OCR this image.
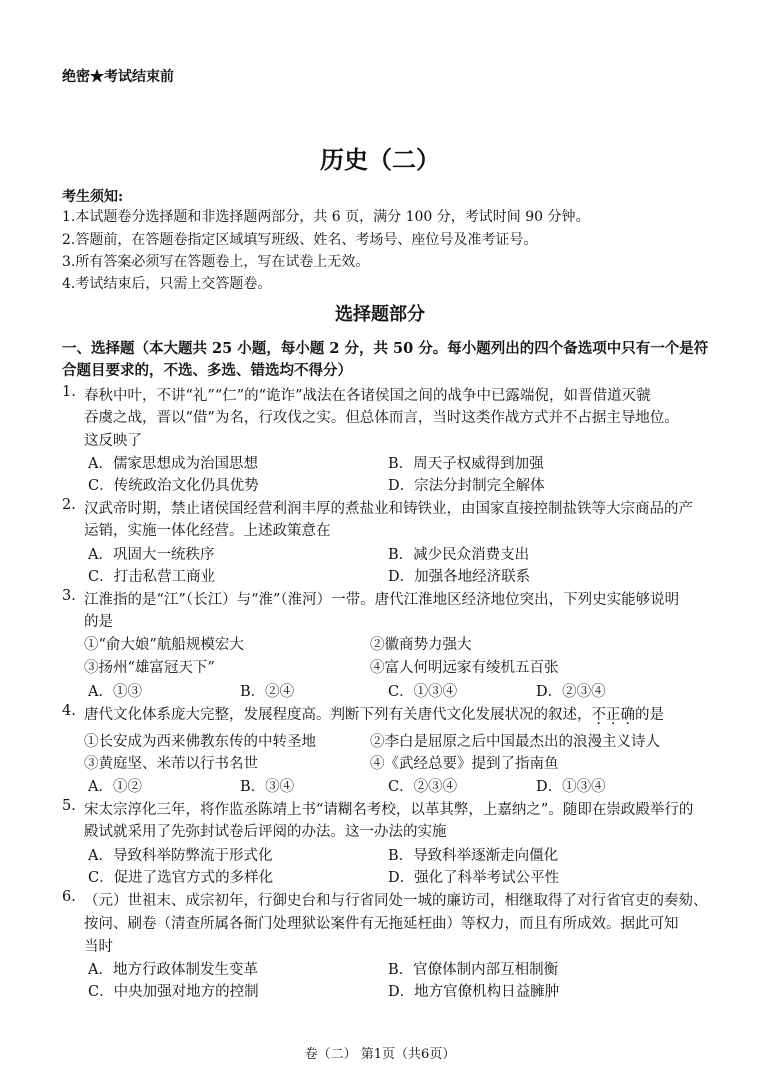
绝密★考试结束前
历史（二）
考生须知:
1.本试题卷分选择题和非选择题两部分，共 6 页，满分 100 分，考试时间 90 分钟。
2.答题前，在答题卷指定区域填写班级、姓名、考场号、座位号及准考证号。
3.所有答案必须写在答题卷上，写在试卷上无效。
4.考试结束后，只需上交答题卷。
选择题部分
一、选择题（本大题共 25 小题，每小题 2 分，共 50 分。每小题列出的四个备选项中只有一个是符合题目要求的，不选、多选、错选均不得分）
1. 春秋中叶，不讲“礼”“仁”的“诡诈”战法在各诸侯国之间的战争中已露端倪，如晋借道灭虢
吞虞之战，晋以“借”为名，行攻伐之实。但总体而言，当时这类作战方式并不占据主导地位。
这反映了
A．儒家思想成为治国思想	B．周天子权威得到加强
C．传统政治文化仍具优势	D．宗法分封制完全解体
2. 汉武帝时期，禁止诸侯国经营利润丰厚的煮盐业和铸铁业，由国家直接控制盐铁等大宗商品的产
运销，实施一体化经营。上述政策意在
A．巩固大一统秩序	B．减少民众消费支出
C．打击私营工商业	D．加强各地经济联系
3. 江淮指的是“江”（长江）与“淮”（淮河）一带。唐代江淮地区经济地位突出，下列史实能够说明
的是
①“俞大娘”航船规模宏大	②徽商势力强大
③扬州“雄富冠天下”	④富人何明远家有绫机五百张
A．①③	B．②④	C．①③④	D．②③④
4. 唐代文化体系庞大完整，发展程度高。判断下列有关唐代文化发展状况的叙述，不正确的是
①长安成为西来佛教东传的中转圣地	②李白是屈原之后中国最杰出的浪漫主义诗人
③黄庭坚、米芾以行书名世	④《武经总要》提到了指南鱼
A．①②	B．③④	C．②③④	D．①③④
5. 宋太宗淳化三年，将作监丞陈靖上书“请糊名考校，以革其弊，上嘉纳之”。随即在崇政殿举行的
殿试就采用了先弥封试卷后评阅的办法。这一办法的实施
A．导致科举防弊流于形式化	B．导致科举逐渐走向僵化
C．促进了选官方式的多样化	D．强化了科举考试公平性
6. （元）世祖末、成宗初年，行御史台和与行省同处一城的廉访司，相继取得了对行省官吏的奏劾、
按问、刷卷（清查所属各衙门处理狱讼案件有无拖延枉曲）等权力，而且有所成效。据此可知
当时
A．地方行政体制发生变革	B．官僚体制内部互相制衡
C．中央加强对地方的控制	D．地方官僚机构日益臃肿
卷（二） 第1页（共6页）
